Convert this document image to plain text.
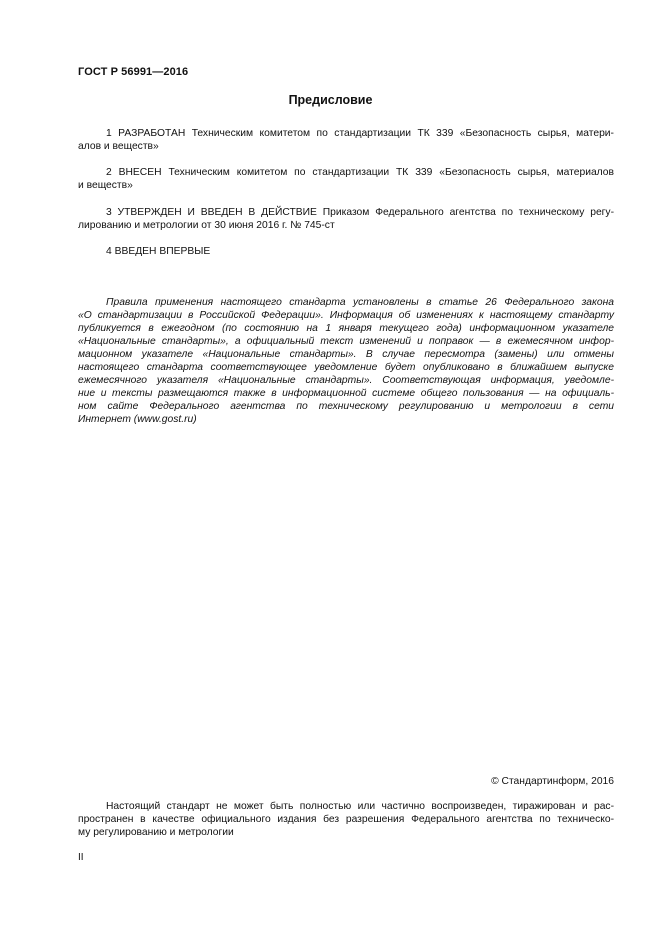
ГОСТ Р 56991—2016
Предисловие
1 РАЗРАБОТАН Техническим комитетом по стандартизации ТК 339 «Безопасность сырья, матери-
алов и веществ»
2 ВНЕСЕН Техническим комитетом по стандартизации ТК 339 «Безопасность сырья, материалов
и веществ»
3 УТВЕРЖДЕН И ВВЕДЕН В ДЕЙСТВИЕ Приказом Федерального агентства по техническому регу-
лированию и метрологии от 30 июня 2016 г. № 745-ст
4 ВВЕДЕН ВПЕРВЫЕ
Правила применения настоящего стандарта установлены в статье 26 Федерального закона
«О стандартизации в Российской Федерации». Информация об изменениях к настоящему стандарту
публикуется в ежегодном (по состоянию на 1 января текущего года) информационном указателе
«Национальные стандарты», а официальный текст изменений и поправок — в ежемесячном инфор-
мационном указателе «Национальные стандарты». В случае пересмотра (замены) или отмены
настоящего стандарта соответствующее уведомление будет опубликовано в ближайшем выпуске
ежемесячного указателя «Национальные стандарты». Соответствующая информация, уведомле-
ние и тексты размещаются также в информационной системе общего пользования — на официаль-
ном сайте Федерального агентства по техническому регулированию и метрологии в сети
Интернет (www.gost.ru)
© Стандартинформ, 2016
Настоящий стандарт не может быть полностью или частично воспроизведен, тиражирован и рас-
пространен в качестве официального издания без разрешения Федерального агентства по техническо-
му регулированию и метрологии
II
